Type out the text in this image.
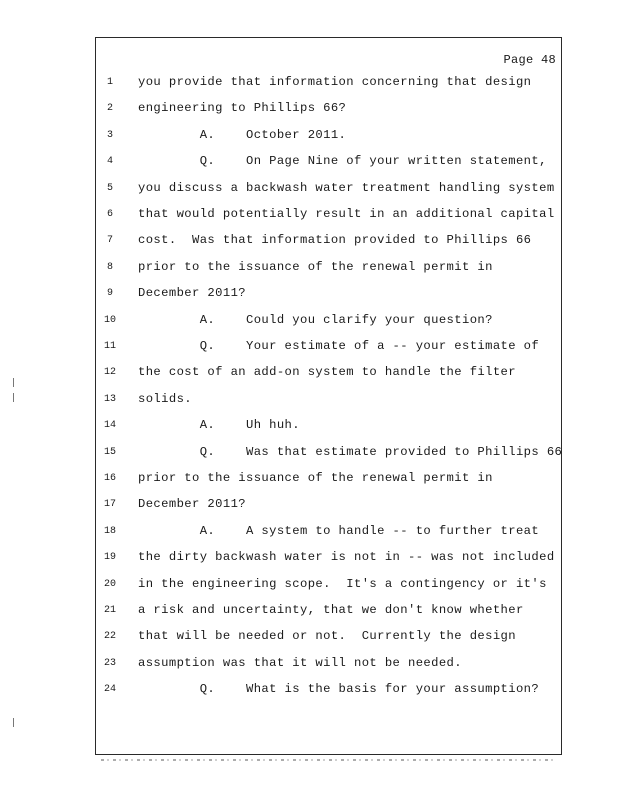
Page 48
1	you provide that information concerning that design
2	engineering to Phillips 66?
3	A.    October 2011.
4	Q.    On Page Nine of your written statement,
5	you discuss a backwash water treatment handling system
6	that would potentially result in an additional capital
7	cost.  Was that information provided to Phillips 66
8	prior to the issuance of the renewal permit in
9	December 2011?
10	A.    Could you clarify your question?
11	Q.    Your estimate of a -- your estimate of
12	the cost of an add-on system to handle the filter
13	solids.
14	A.    Uh huh.
15	Q.    Was that estimate provided to Phillips 66
16	prior to the issuance of the renewal permit in
17	December 2011?
18	A.    A system to handle -- to further treat
19	the dirty backwash water is not in -- was not included
20	in the engineering scope.  It's a contingency or it's
21	a risk and uncertainty, that we don't know whether
22	that will be needed or not.  Currently the design
23	assumption was that it will not be needed.
24	Q.    What is the basis for your assumption?
